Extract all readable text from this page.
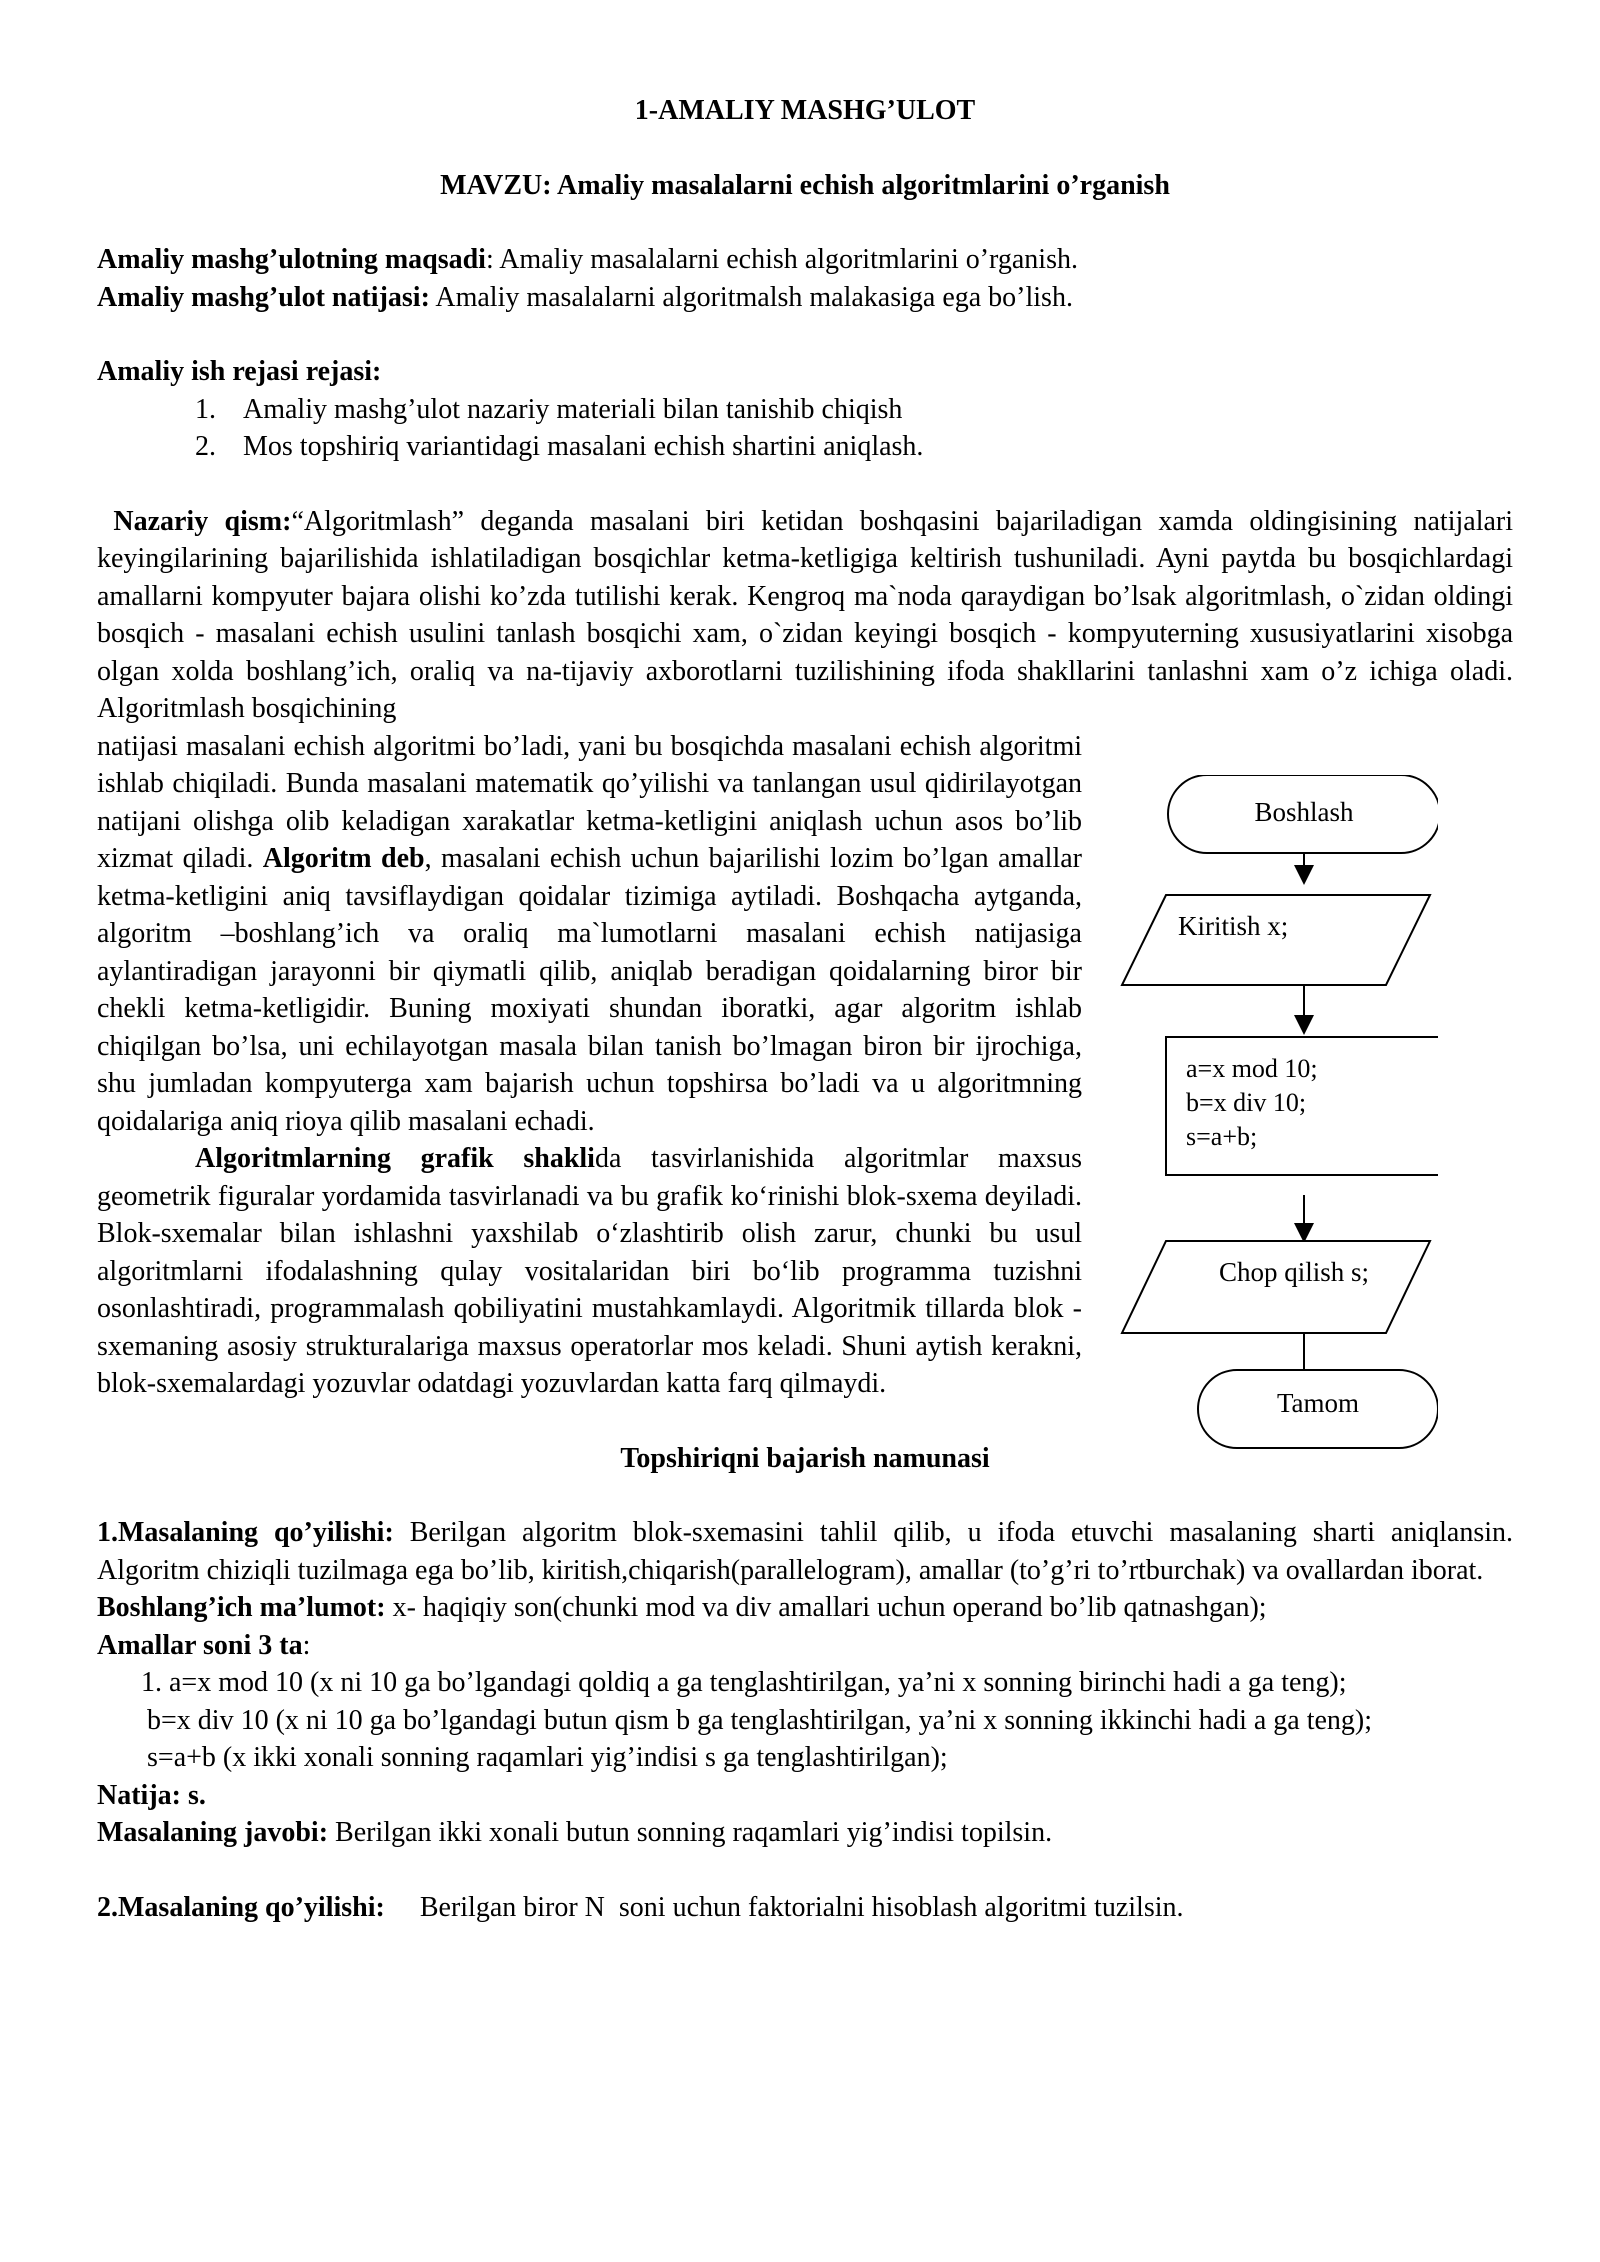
1-AMALIY MASHG’ULOT

MAVZU: Amaliy masalalarni echish algoritmlarini o’rganish

Amaliy mashg’ulotning maqsadi: Amaliy masalalarni echish algoritmlarini o’rganish.

Amaliy mashg’ulot natijasi: Amaliy masalalarni algoritmalsh malakasiga ega bo’lish.

Amaliy ish rejasi rejasi:

1. Amaliy mashg’ulot nazariy materiali bilan tanishib chiqish
2. Mos topshiriq variantidagi masalani echish shartini aniqlash.

Nazariy qism:“Algoritmlash” deganda masalani biri ketidan boshqasini bajariladigan xamda oldingisining natijalari keyingilarining bajarilishida ishlatiladigan bosqichlar ketma-ketligiga keltirish tushuniladi. Ayni paytda bu bosqichlardagi amallarni kompyuter bajara olishi ko’zda tutilishi kerak. Kengroq ma`noda qaraydigan bo’lsak algoritmlash, o`zidan oldingi bosqich - masalani echish usulini tanlash bosqichi xam, o`zidan keyingi bosqich - kompyuterning xususiyatlarini xisobga olgan xolda boshlang’ich, oraliq va na-tijaviy axborotlarni tuzilishining ifoda shakllarini tanlashni xam o’z ichiga oladi. Algoritmlash bosqichining

natijasi masalani echish algoritmi bo’ladi, yani bu bosqichda masalani echish algoritmi ishlab chiqiladi. Bunda masalani matematik qo’yilishi va tanlangan usul qidirilayotgan natijani olishga olib keladigan xarakatlar ketma-ketligini aniqlash uchun asos bo’lib xizmat qiladi. Algoritm deb, masalani echish uchun bajarilishi lozim bo’lgan amallar ketma-ketligini aniq tavsiflaydigan qoidalar tizimiga aytiladi. Boshqacha aytganda, algoritm –boshlang’ich va oraliq ma`lumotlarni masalani echish natijasiga aylantiradigan jarayonni bir qiymatli qilib, aniqlab beradigan qoidalarning biror bir chekli ketma-ketligidir. Buning moxiyati shundan iboratki, agar algoritm ishlab chiqilgan bo’lsa, uni echilayotgan masala bilan tanish bo’lmagan biron bir ijrochiga, shu jumladan kompyuterga xam bajarish uchun topshirsa bo’ladi va u algoritmning qoidalariga aniq rioya qilib masalani echadi.

Algoritmlarning grafik shaklida tasvirlanishida algoritmlar maxsus geometrik figuralar yordamida tasvirlanadi va bu grafik ko‘rinishi blok-sxema deyiladi. Blok-sxemalar bilan ishlashni yaxshilab o‘zlashtirib olish zarur, chunki bu usul algoritmlarni ifodalashning qulay vositalaridan biri bo‘lib programma tuzishni osonlashtiradi, programmalash qobiliyatini mustahkamlaydi. Algoritmik tillarda blok - sxemaning asosiy strukturalariga maxsus operatorlar mos keladi. Shuni aytish kerakni, blok-sxemalardagi yozuvlar odatdagi yozuvlardan katta farq qilmaydi.

Topshiriqni bajarish namunasi

1.Masalaning qo’yilishi: Berilgan algoritm blok-sxemasini tahlil qilib, u ifoda etuvchi masalaning sharti aniqlansin. Algoritm chiziqli tuzilmaga ega bo’lib, kiritish,chiqarish(parallelogram), amallar (to’g’ri to’rtburchak) va ovallardan iborat.

Boshlang’ich ma’lumot: x- haqiqiy son(chunki mod va div amallari uchun operand bo’lib qatnashgan);

Amallar soni 3 ta:

1. a=x mod 10 (x ni 10 ga bo’lgandagi qoldiq a ga tenglashtirilgan, ya’ni x sonning birinchi hadi a ga teng);

b=x div 10 (x ni 10 ga bo’lgandagi butun qism b ga tenglashtirilgan, ya’ni x sonning ikkinchi hadi a ga teng);

s=a+b (x ikki xonali sonning raqamlari yig’indisi s ga tenglashtirilgan);

Natija: s.

Masalaning javobi: Berilgan ikki xonali butun sonning raqamlari yig’indisi topilsin.

2.Masalaning qo’yilishi:     Berilgan biror N  soni uchun faktorialni hisoblash algoritmi tuzilsin.

Boshlash
Kiritish x;
a=x mod 10;
b=x div 10;
s=a+b;
Chop qilish s;
Tamom
